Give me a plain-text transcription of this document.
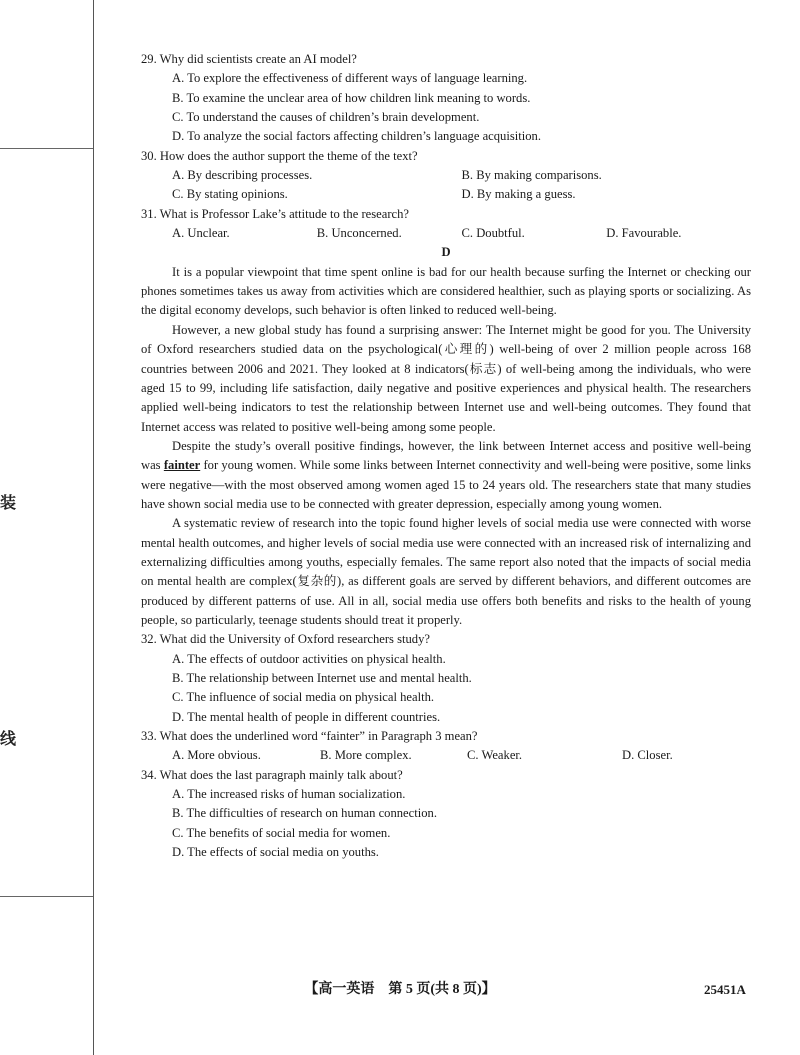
装
线

29. Why did scientists create an AI model?

A. To explore the effectiveness of different ways of language learning.

B. To examine the unclear area of how children link meaning to words.

C. To understand the causes of children’s brain development.

D. To analyze the social factors affecting children’s language acquisition.

30. How does the author support the theme of the text?

A. By describing processes.	B. By making comparisons.
C. By stating opinions.	D. By making a guess.

31. What is Professor Lake’s attitude to the research?

A. Unclear.	B. Unconcerned.	C. Doubtful.	D. Favourable.

D

It is a popular viewpoint that time spent online is bad for our health because surfing the Internet or checking our phones sometimes takes us away from activities which are considered healthier, such as playing sports or socializing. As the digital economy develops, such behavior is often linked to reduced well-being.

However, a new global study has found a surprising answer: The Internet might be good for you. The University of Oxford researchers studied data on the psychological(心理的) well-being of over 2 million people across 168 countries between 2006 and 2021. They looked at 8 indicators(标志) of well-being among the individuals, who were aged 15 to 99, including life satisfaction, daily negative and positive experiences and physical health. The researchers applied well-being indicators to test the relationship between Internet use and well-being outcomes. They found that Internet access was related to positive well-being among some people.

Despite the study’s overall positive findings, however, the link between Internet access and positive well-being was fainter for young women. While some links between Internet connectivity and well-being were positive, some links were negative—with the most observed among women aged 15 to 24 years old. The researchers state that many studies have shown social media use to be connected with greater depression, especially among young women.

A systematic review of research into the topic found higher levels of social media use were connected with worse mental health outcomes, and higher levels of social media use were connected with an increased risk of internalizing and externalizing difficulties among youths, especially females. The same report also noted that the impacts of social media on mental health are complex(复杂的), as different goals are served by different behaviors, and different outcomes are produced by different patterns of use. All in all, social media use offers both benefits and risks to the health of young people, so particularly, teenage students should treat it properly.

32. What did the University of Oxford researchers study?

A. The effects of outdoor activities on physical health.

B. The relationship between Internet use and mental health.

C. The influence of social media on physical health.

D. The mental health of people in different countries.

33. What does the underlined word “fainter” in Paragraph 3 mean?

A. More obvious.	B. More complex.	C. Weaker.	D. Closer.

34. What does the last paragraph mainly talk about?

A. The increased risks of human socialization.

B. The difficulties of research on human connection.

C. The benefits of social media for women.

D. The effects of social media on youths.

【高一英语　第 5 页(共 8 页)】	25451A
